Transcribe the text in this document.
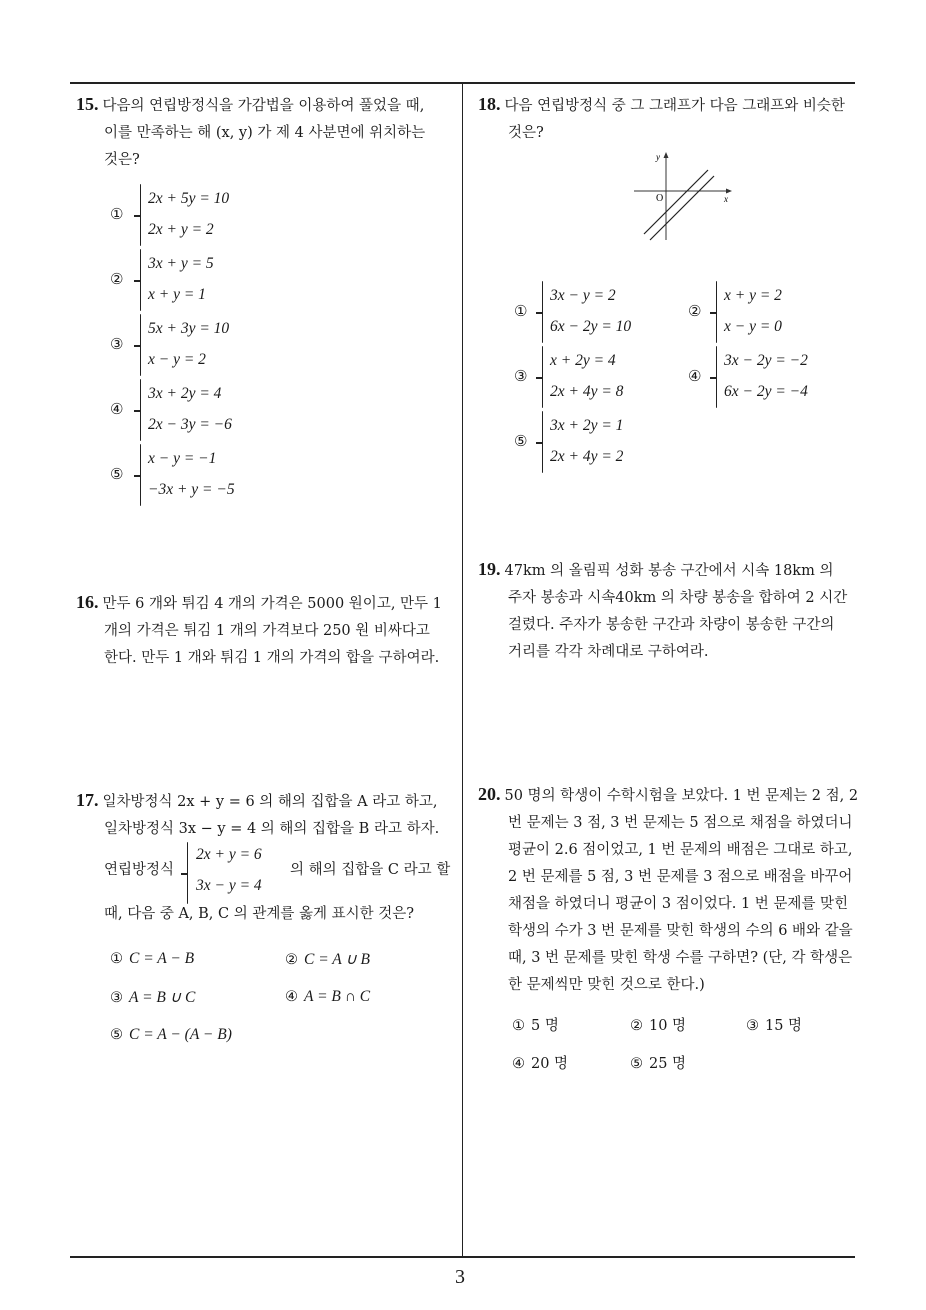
15. 다음의 연립방정식을 가감법을 이용하여 풀었을 때,
이를 만족하는 해 (x, y) 가 제 4 사분면에 위치하는
것은?
①
2x + 5y = 10
2x + y = 2
②
3x + y = 5
x + y = 1
③
5x + 3y = 10
x − y = 2
④
3x + 2y = 4
2x − 3y = −6
⑤
x − y = −1
−3x + y = −5
16. 만두 6 개와 튀김 4 개의 가격은 5000 원이고, 만두 1
개의 가격은 튀김 1 개의 가격보다 250 원 비싸다고
한다. 만두 1 개와 튀김 1 개의 가격의 합을 구하여라.
17. 일차방정식 2x + y = 6 의 해의 집합을 A 라고 하고,
일차방정식 3x − y = 4 의 해의 집합을 B 라고 하자.
연립방정식
2x + y = 6
3x − y = 4
의 해의 집합을 C 라고 할
때, 다음 중 A, B, C 의 관계를 옳게 표시한 것은?
① C = A − B	② C = A ∪ B
③ A = B ∪ C	④ A = B ∩ C
⑤ C = A − (A − B)
18. 다음 연립방정식 중 그 그래프가 다음 그래프와 비슷한
것은?
y
x
O
①
3x − y = 2
6x − 2y = 10
②
x + y = 2
x − y = 0
③
x + 2y = 4
2x + 4y = 8
④
3x − 2y = −2
6x − 2y = −4
⑤
3x + 2y = 1
2x + 4y = 2
19. 47km 의 올림픽 성화 봉송 구간에서 시속 18km 의
주자 봉송과 시속40km 의 차량 봉송을 합하여 2 시간
걸렸다. 주자가 봉송한 구간과 차량이 봉송한 구간의
거리를 각각 차례대로 구하여라.
20. 50 명의 학생이 수학시험을 보았다. 1 번 문제는 2 점, 2
번 문제는 3 점, 3 번 문제는 5 점으로 채점을 하였더니
평균이 2.6 점이었고, 1 번 문제의 배점은 그대로 하고,
2 번 문제를 5 점, 3 번 문제를 3 점으로 배점을 바꾸어
채점을 하였더니 평균이 3 점이었다. 1 번 문제를 맞힌
학생의 수가 3 번 문제를 맞힌 학생의 수의 6 배와 같을
때, 3 번 문제를 맞힌 학생 수를 구하면? (단, 각 학생은
한 문제씩만 맞힌 것으로 한다.)
① 5 명	② 10 명	③ 15 명
④ 20 명	⑤ 25 명
3
